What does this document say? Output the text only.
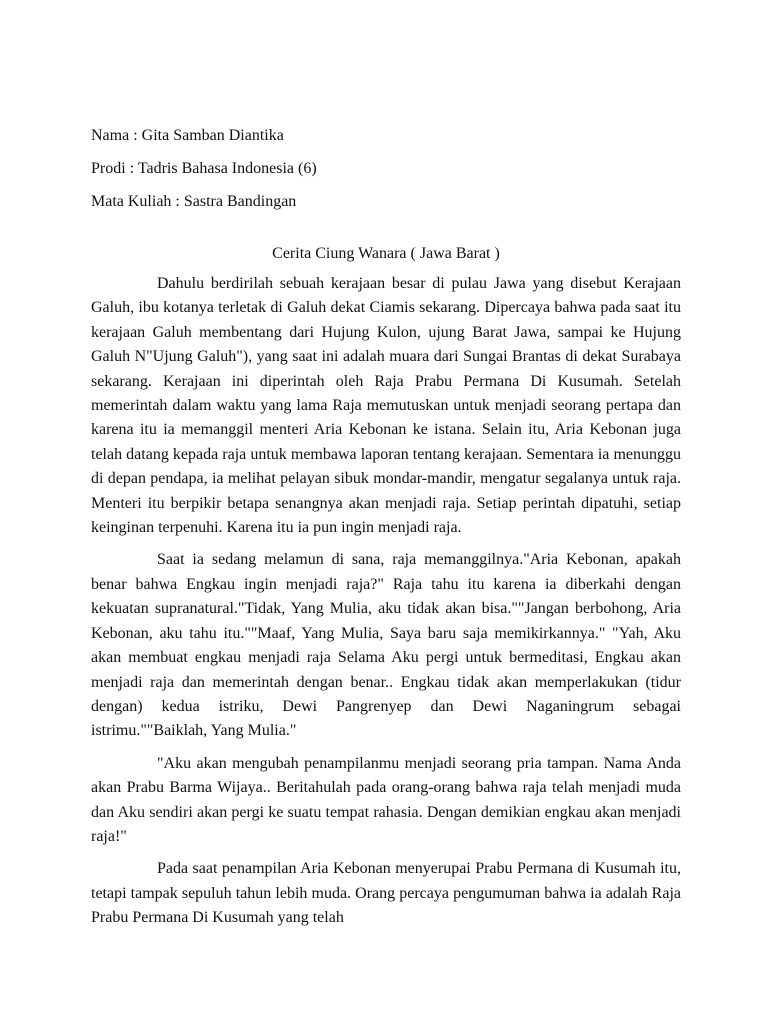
Nama : Gita Samban Diantika

Prodi : Tadris Bahasa Indonesia (6)

Mata Kuliah : Sastra Bandingan

Cerita Ciung Wanara ( Jawa Barat )

Dahulu berdirilah sebuah kerajaan besar di pulau Jawa yang disebut Kerajaan Galuh, ibu kotanya terletak di Galuh dekat Ciamis sekarang. Dipercaya bahwa pada saat itu kerajaan Galuh membentang dari Hujung Kulon, ujung Barat Jawa, sampai ke Hujung Galuh N"Ujung Galuh"), yang saat ini adalah muara dari Sungai Brantas di dekat Surabaya sekarang. Kerajaan ini diperintah oleh Raja Prabu Permana Di Kusumah. Setelah memerintah dalam waktu yang lama Raja memutuskan untuk menjadi seorang pertapa dan karena itu ia memanggil menteri Aria Kebonan ke istana. Selain itu, Aria Kebonan juga telah datang kepada raja untuk membawa laporan tentang kerajaan. Sementara ia menunggu di depan pendapa, ia melihat pelayan sibuk mondar-mandir, mengatur segalanya untuk raja. Menteri itu berpikir betapa senangnya akan menjadi raja. Setiap perintah dipatuhi, setiap keinginan terpenuhi. Karena itu ia pun ingin menjadi raja.

Saat ia sedang melamun di sana, raja memanggilnya."Aria Kebonan, apakah benar bahwa Engkau ingin menjadi raja?" Raja tahu itu karena ia diberkahi dengan kekuatan supranatural."Tidak, Yang Mulia, aku tidak akan bisa.""Jangan berbohong, Aria Kebonan, aku tahu itu.""Maaf, Yang Mulia, Saya baru saja memikirkannya." "Yah, Aku akan membuat engkau menjadi raja Selama Aku pergi untuk bermeditasi, Engkau akan menjadi raja dan memerintah dengan benar.. Engkau tidak akan memperlakukan (tidur dengan) kedua istriku, Dewi Pangrenyep dan Dewi Naganingrum sebagai istrimu.""Baiklah, Yang Mulia."

"Aku akan mengubah penampilanmu menjadi seorang pria tampan. Nama Anda akan Prabu Barma Wijaya.. Beritahulah pada orang-orang bahwa raja telah menjadi muda dan Aku sendiri akan pergi ke suatu tempat rahasia. Dengan demikian engkau akan menjadi raja!"

Pada saat penampilan Aria Kebonan menyerupai Prabu Permana di Kusumah itu, tetapi tampak sepuluh tahun lebih muda. Orang percaya pengumuman bahwa ia adalah Raja Prabu Permana Di Kusumah yang telah
